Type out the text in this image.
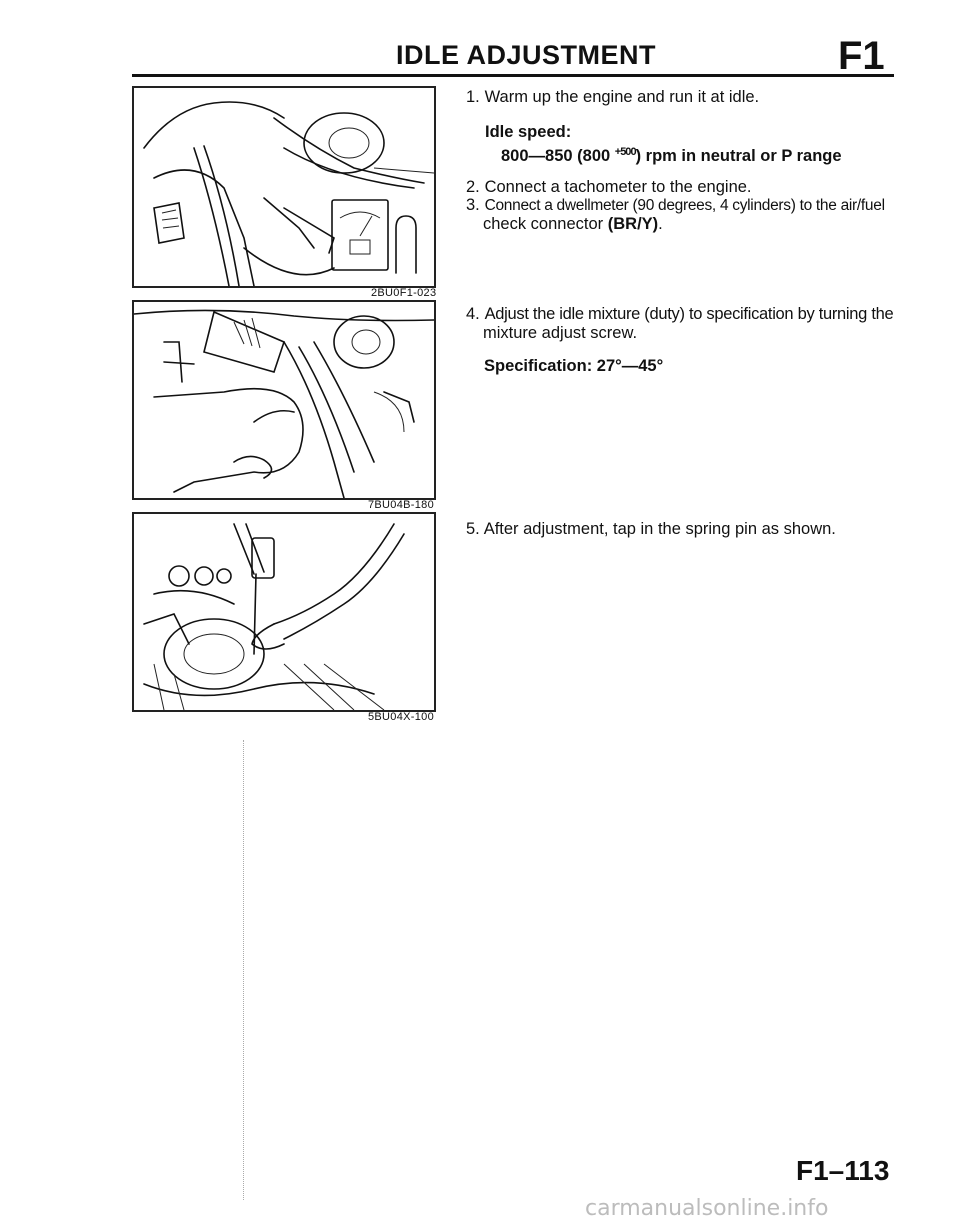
IDLE ADJUSTMENT	F1
2BU0F1-023
7BU04B-180
5BU04X-100
1. Warm up the engine and run it at idle.
Idle speed:
800—850 (800 $^{+500}$) rpm in neutral or P range
2. Connect a tachometer to the engine.
3. Connect a dwellmeter (90 degrees, 4 cylinders) to the air/fuel
check connector (BR/Y).
4. Adjust the idle mixture (duty) to specification by turning the
mixture adjust screw.
Specification: 27°—45°
5. After adjustment, tap in the spring pin as shown.
F1–113
carmanualsonline.info
